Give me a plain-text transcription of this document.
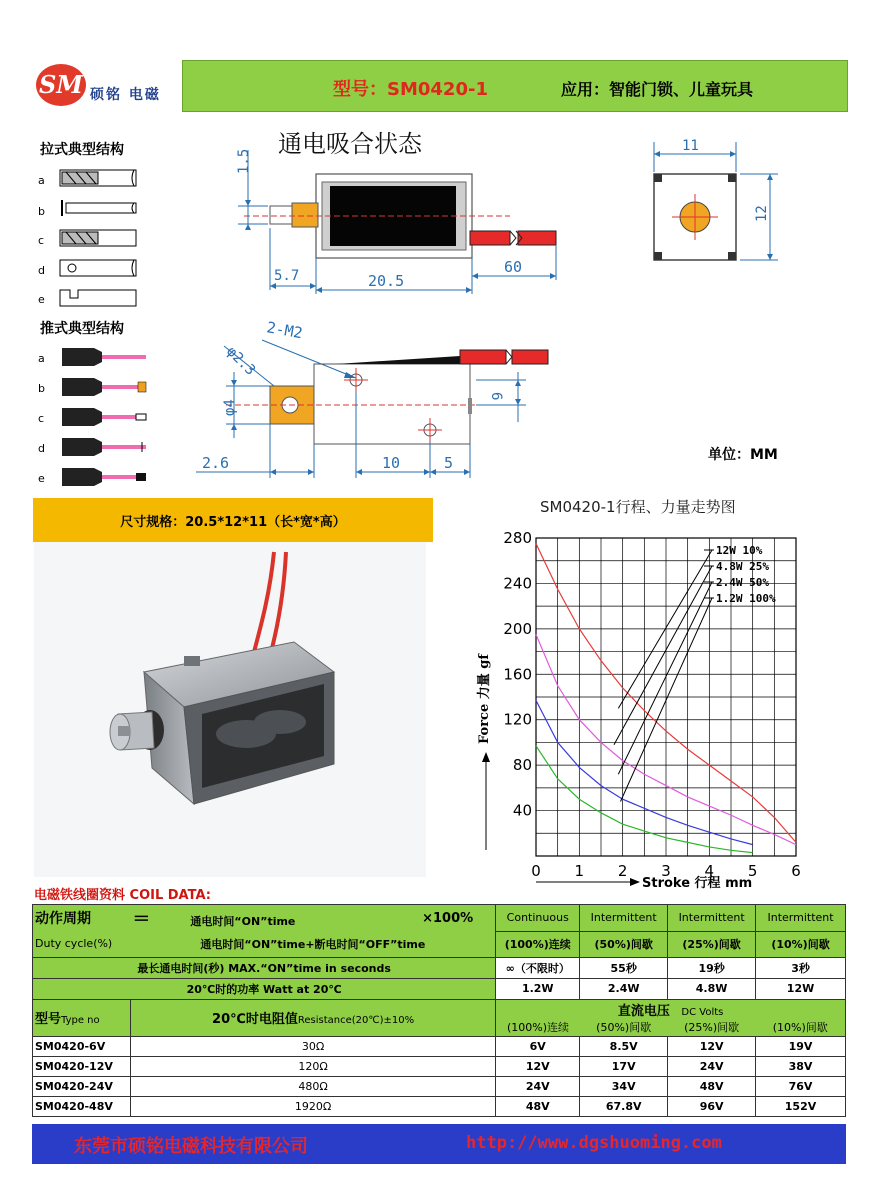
SM 硕铭 电磁	型号：SM0420-1	应用：智能门锁、儿童玩具
拉式典型结构
a
b
c
d
e
推式典型结构
a
b
c
d
e
通电吸合状态
1.5
5.7	20.5
60
11
12
2-M2
φ2.3
φ4
6
2.6	10	5	单位：MM
尺寸规格：20.5*12*11（长*宽*高）
SM0420-1行程、力量走势图
0 1 2 3 4 5 6
40
80
120
160
200
240
280
12W 10%
4.8W 25%
2.4W 50%
1.2W 100%
Force 力量 gf
Stroke 行程 mm
电磁铁线圈资料 COIL DATA:
动作周期	＝ 通电时间“ON”time	×100%	Continuous	Intermittent	Intermittent	Intermittent
Duty cycle(%)	通电时间“ON”time+断电时间“OFF”time		(100%)连续	(50%)间歇	(25%)间歇	(10%)间歇
最长通电时间(秒) MAX.“ON”time in seconds			∞（不限时）	55秒	19秒	3秒
20℃时的功率 Watt at 20℃			1.2W	2.4W	4.8W	12W
型号Type no	20℃时电阻值Resistance(20℃)±10%		直流电压 DC Volts			
			(100%)连续	(50%)间歇	(25%)间歇	(10%)间歇
SM0420-6V	30Ω		6V	8.5V	12V	19V
SM0420-12V	120Ω		12V	17V	24V	38V
SM0420-24V	480Ω		24V	34V	48V	76V
SM0420-48V	1920Ω		48V	67.8V	96V	152V
东莞市硕铭电磁科技有限公司	http://www.dgshuoming.com
